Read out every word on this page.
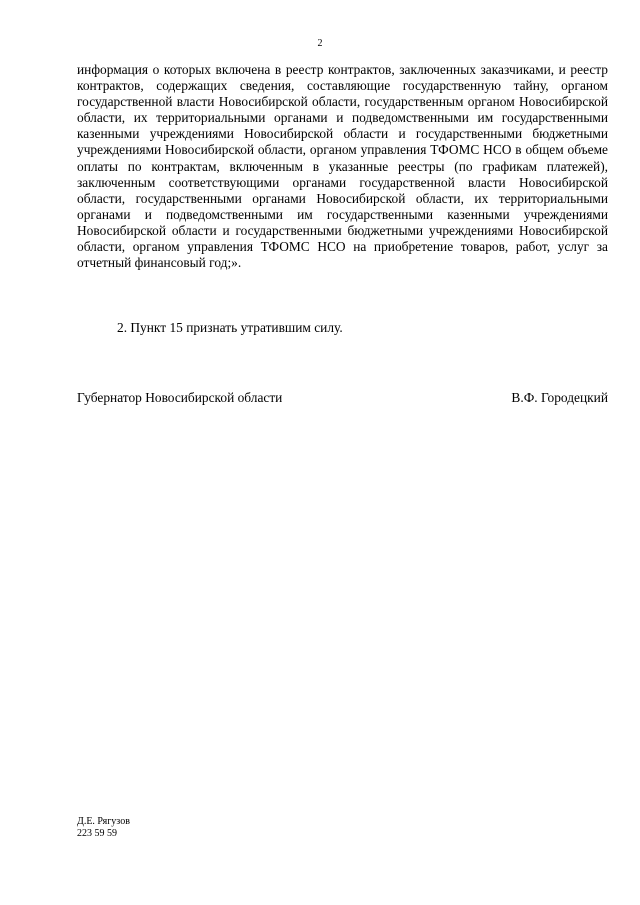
2

информация о которых включена в реестр контрактов, заключенных заказчиками, и реестр контрактов, содержащих сведения, составляющие государственную тайну, органом государственной власти Новосибирской области, государственным органом Новосибирской области, их территориальными органами и подведомственными им государственными казенными учреждениями Новосибирской области и государственными бюджетными учреждениями Новосибирской области, органом управления ТФОМС НСО в общем объеме оплаты по контрактам, включенным в указанные реестры (по графикам платежей), заключенным соответствующими органами государственной власти Новосибирской области, государственными органами Новосибирской области, их территориальными органами и подведомственными им государственными казенными учреждениями Новосибирской области и государственными бюджетными учреждениями Новосибирской области, органом управления ТФОМС НСО на приобретение товаров, работ, услуг за отчетный финансовый год;».

2. Пункт 15 признать утратившим силу.

Губернатор Новосибирской области	В.Ф. Городецкий
Д.Е. Рягузов
223 59 59
